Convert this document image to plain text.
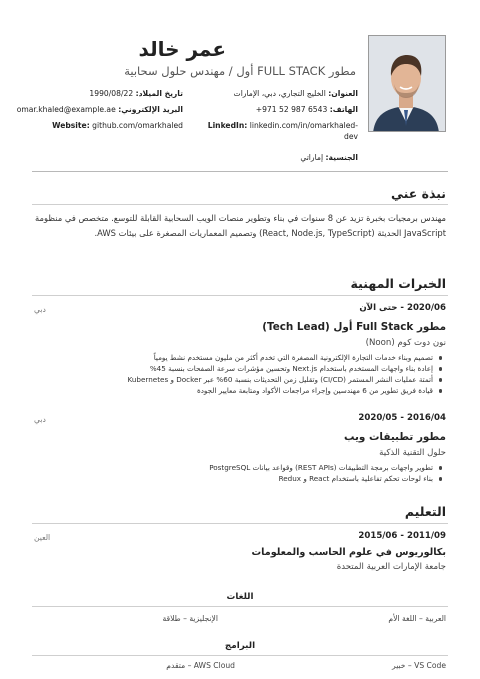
عمر خالد
مطور FULL STACK أول / مهندس حلول سحابية
العنوان: الخليج التجاري، دبي، الإمارات
الهاتف: +971 52 987 6543
LinkedIn: linkedin.com/in/omarkhaled-dev
الجنسية: إماراتي
تاريخ الميلاد: 1990/08/22
البريد الإلكتروني: omar.khaled@example.ae
Website: github.com/omarkhaled
نبذة عني
مهندس برمجيات بخبرة تزيد عن 8 سنوات في بناء وتطوير منصات الويب السحابية القابلة للتوسع. متخصص في منظومة JavaScript الحديثة (React, Node.js, TypeScript) وتصميم المعماريات المصغرة على بيئات AWS.
الخبرات المهنية
2020/06 - حتى الآن
دبي
مطور Full Stack أول (Tech Lead)
نون دوت كوم (Noon)
تصميم وبناء خدمات التجارة الإلكترونية المصغرة التي تخدم أكثر من مليون مستخدم نشط يومياً
إعادة بناء واجهات المستخدم باستخدام Next.js وتحسين مؤشرات سرعة الصفحات بنسبة 45%
أتمتة عمليات النشر المستمر (CI/CD) وتقليل زمن التحديثات بنسبة 60% عبر Docker و Kubernetes
قيادة فريق تطوير من 6 مهندسين وإجراء مراجعات الأكواد ومتابعة معايير الجودة
2016/04 - 2020/05
دبي
مطور تطبيقات ويب
حلول التقنية الذكية
تطوير واجهات برمجة التطبيقات (REST APIs) وقواعد بيانات PostgreSQL
بناء لوحات تحكم تفاعلية باستخدام React و Redux
التعليم
2011/09 - 2015/06
العين
بكالوريوس في علوم الحاسب والمعلومات
جامعة الإمارات العربية المتحدة
اللغات
العربية – اللغة الأم
الإنجليزية – طلاقة
البرامج
VS Code – خبير
AWS Cloud – متقدم
